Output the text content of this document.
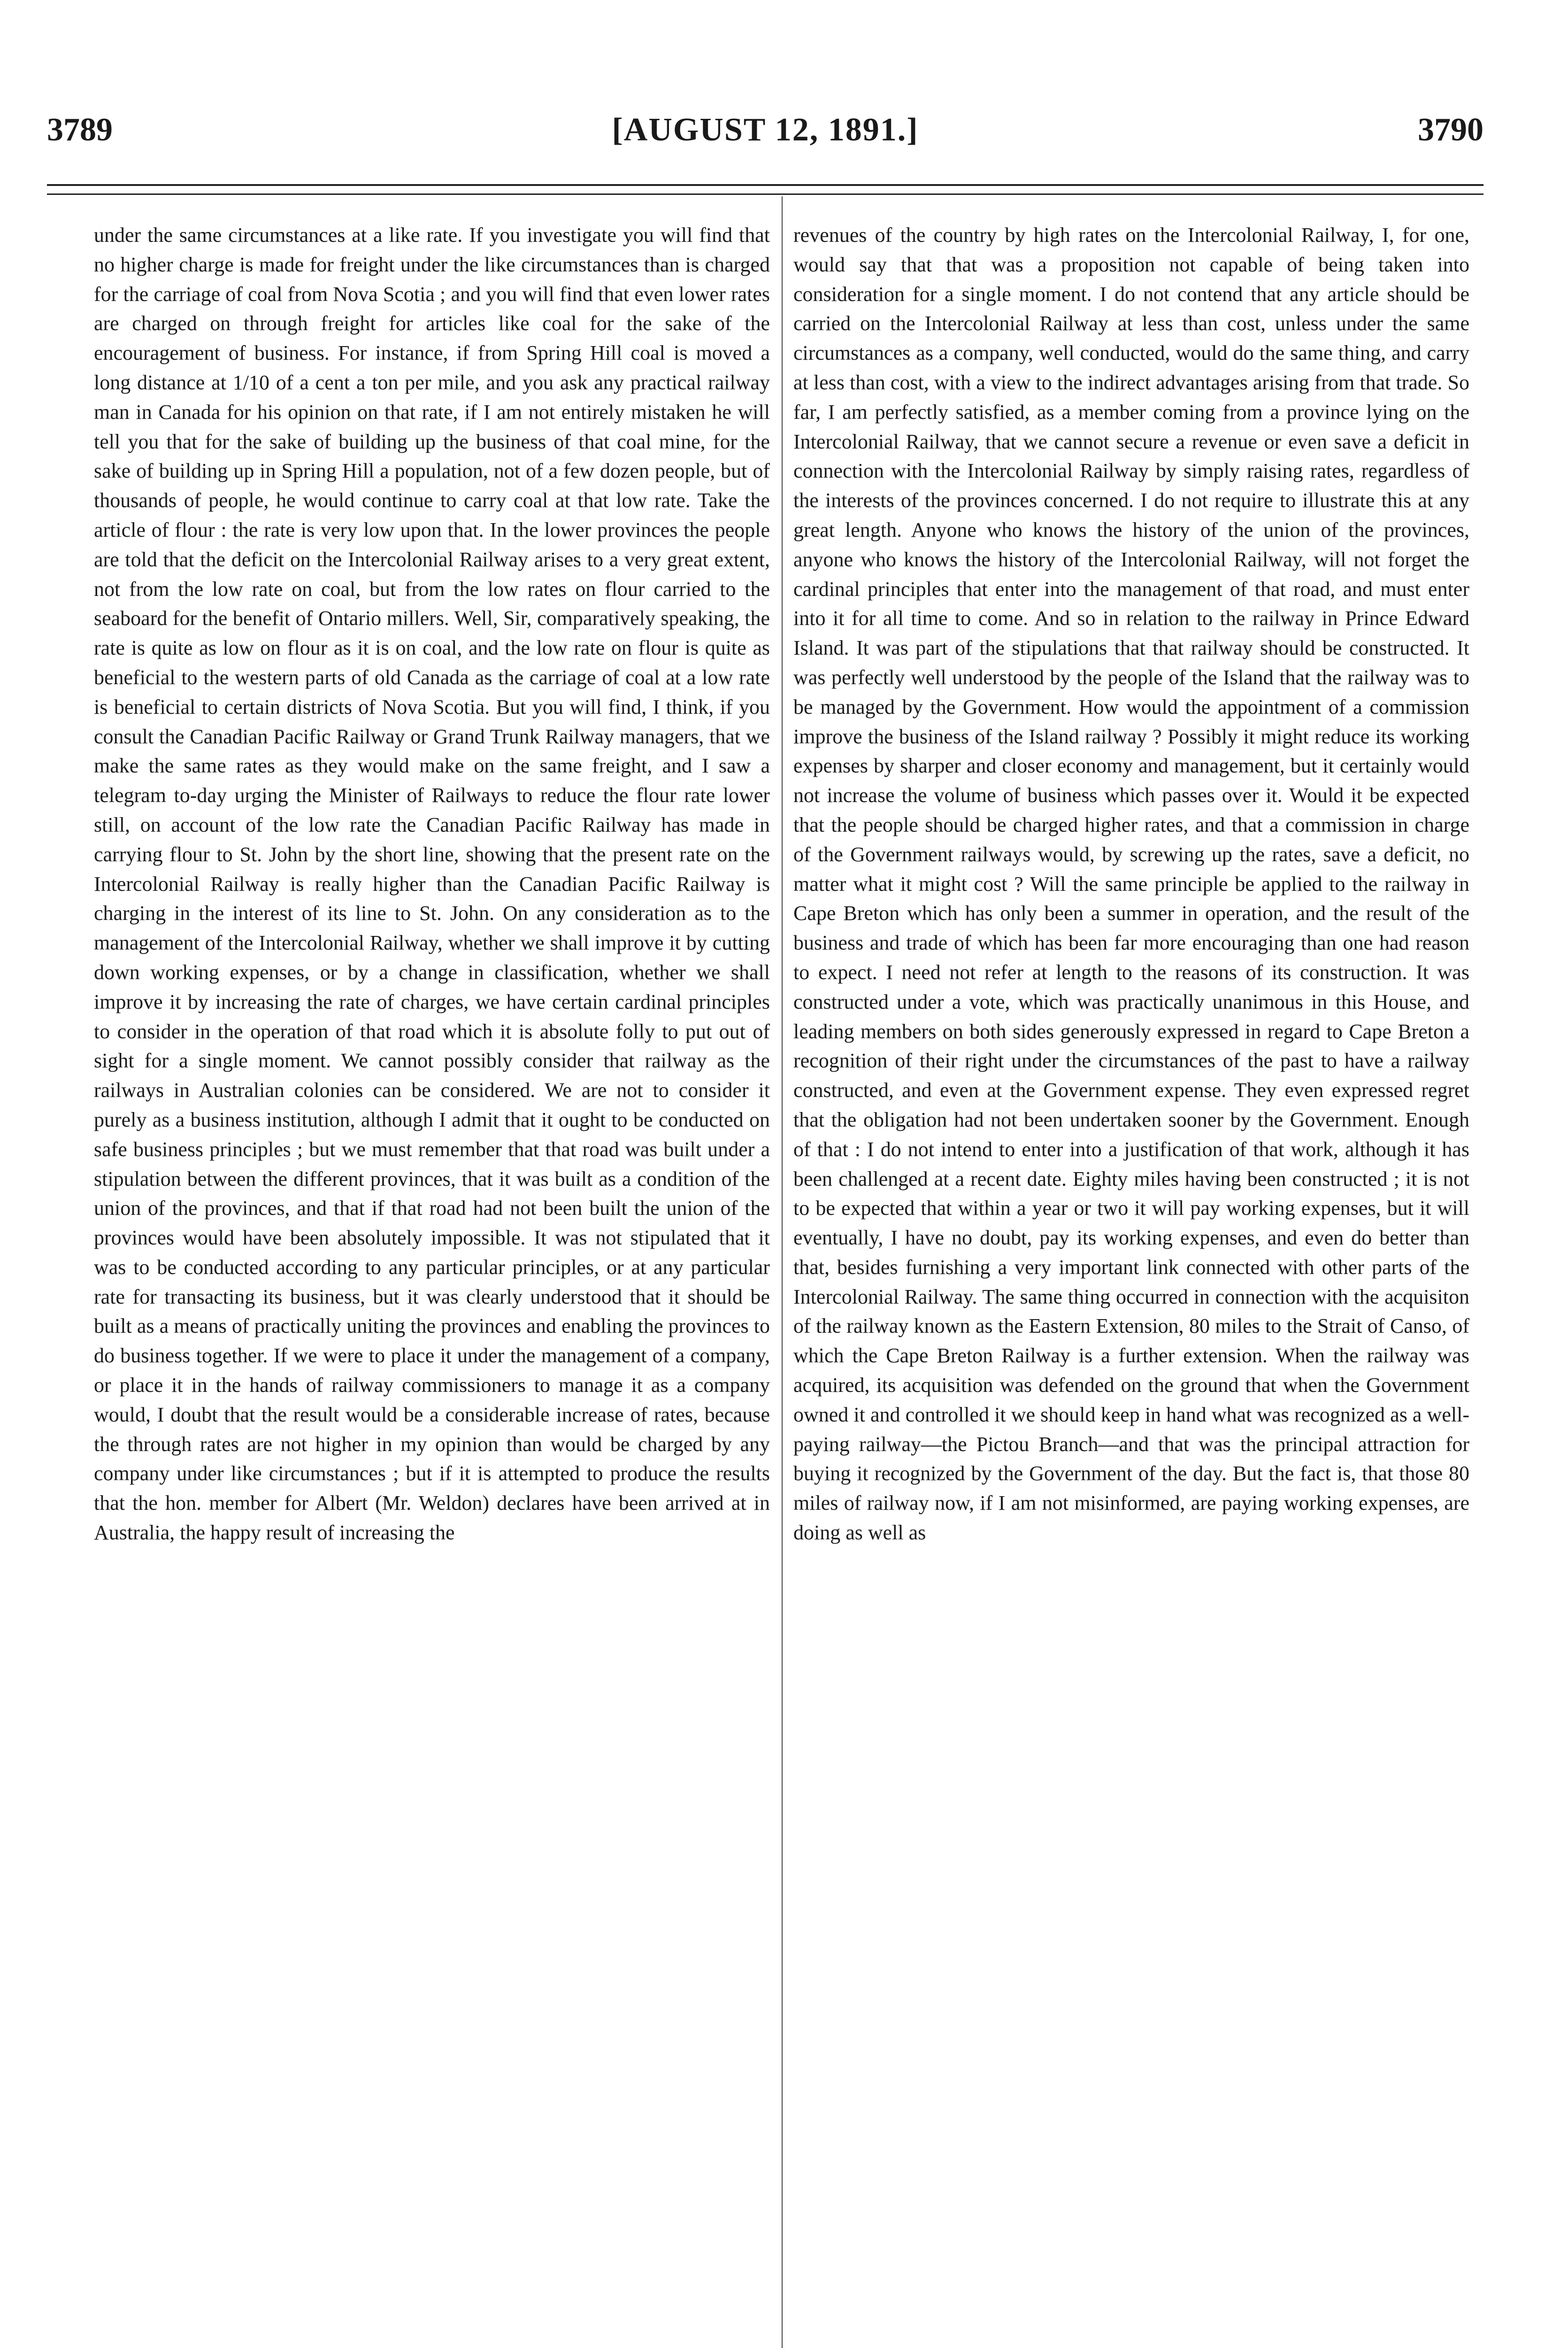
3789	[AUGUST 12, 1891.]	3790

under the same circumstances at a like rate. If you investigate you will find that no higher charge is made for freight under the like circumstances than is charged for the carriage of coal from Nova Scotia ; and you will find that even lower rates are charged on through freight for articles like coal for the sake of the encouragement of business. For instance, if from Spring Hill coal is moved a long distance at 1/10 of a cent a ton per mile, and you ask any practical railway man in Canada for his opinion on that rate, if I am not entirely mistaken he will tell you that for the sake of building up the business of that coal mine, for the sake of building up in Spring Hill a population, not of a few dozen people, but of thousands of people, he would continue to carry coal at that low rate. Take the article of flour : the rate is very low upon that. In the lower provinces the people are told that the deficit on the Intercolonial Railway arises to a very great extent, not from the low rate on coal, but from the low rates on flour carried to the seaboard for the benefit of Ontario millers. Well, Sir, comparatively speaking, the rate is quite as low on flour as it is on coal, and the low rate on flour is quite as beneficial to the western parts of old Canada as the carriage of coal at a low rate is beneficial to certain districts of Nova Scotia. But you will find, I think, if you consult the Canadian Pacific Railway or Grand Trunk Railway managers, that we make the same rates as they would make on the same freight, and I saw a telegram to-day urging the Minister of Railways to reduce the flour rate lower still, on account of the low rate the Canadian Pacific Railway has made in carrying flour to St. John by the short line, showing that the present rate on the Intercolonial Railway is really higher than the Canadian Pacific Railway is charging in the interest of its line to St. John. On any consideration as to the management of the Intercolonial Railway, whether we shall improve it by cutting down working expenses, or by a change in classification, whether we shall improve it by increasing the rate of charges, we have certain cardinal principles to consider in the operation of that road which it is absolute folly to put out of sight for a single moment. We cannot possibly consider that railway as the railways in Australian colonies can be considered. We are not to consider it purely as a business institution, although I admit that it ought to be conducted on safe business principles ; but we must remember that that road was built under a stipulation between the different provinces, that it was built as a condition of the union of the provinces, and that if that road had not been built the union of the provinces would have been absolutely impossible. It was not stipulated that it was to be conducted according to any particular principles, or at any particular rate for transacting its business, but it was clearly understood that it should be built as a means of practically uniting the provinces and enabling the provinces to do business together. If we were to place it under the management of a company, or place it in the hands of railway commissioners to manage it as a company would, I doubt that the result would be a considerable increase of rates, because the through rates are not higher in my opinion than would be charged by any company under like circumstances ; but if it is attempted to produce the results that the hon. member for Albert (Mr. Weldon) declares have been arrived at in Australia, the happy result of increasing the

revenues of the country by high rates on the Intercolonial Railway, I, for one, would say that that was a proposition not capable of being taken into consideration for a single moment. I do not contend that any article should be carried on the Intercolonial Railway at less than cost, unless under the same circumstances as a company, well conducted, would do the same thing, and carry at less than cost, with a view to the indirect advantages arising from that trade. So far, I am perfectly satisfied, as a member coming from a province lying on the Intercolonial Railway, that we cannot secure a revenue or even save a deficit in connection with the Intercolonial Railway by simply raising rates, regardless of the interests of the provinces concerned. I do not require to illustrate this at any great length. Anyone who knows the history of the union of the provinces, anyone who knows the history of the Intercolonial Railway, will not forget the cardinal principles that enter into the management of that road, and must enter into it for all time to come. And so in relation to the railway in Prince Edward Island. It was part of the stipulations that that railway should be constructed. It was perfectly well understood by the people of the Island that the railway was to be managed by the Government. How would the appointment of a commission improve the business of the Island railway ? Possibly it might reduce its working expenses by sharper and closer economy and management, but it certainly would not increase the volume of business which passes over it. Would it be expected that the people should be charged higher rates, and that a commission in charge of the Government railways would, by screwing up the rates, save a deficit, no matter what it might cost ? Will the same principle be applied to the railway in Cape Breton which has only been a summer in operation, and the result of the business and trade of which has been far more encouraging than one had reason to expect. I need not refer at length to the reasons of its construction. It was constructed under a vote, which was practically unanimous in this House, and leading members on both sides generously expressed in regard to Cape Breton a recognition of their right under the circumstances of the past to have a railway constructed, and even at the Government expense. They even expressed regret that the obligation had not been undertaken sooner by the Government. Enough of that : I do not intend to enter into a justification of that work, although it has been challenged at a recent date. Eighty miles having been constructed ; it is not to be expected that within a year or two it will pay working expenses, but it will eventually, I have no doubt, pay its working expenses, and even do better than that, besides furnishing a very important link connected with other parts of the Intercolonial Railway. The same thing occurred in connection with the acquisiton of the railway known as the Eastern Extension, 80 miles to the Strait of Canso, of which the Cape Breton Railway is a further extension. When the railway was acquired, its acquisition was defended on the ground that when the Government owned it and controlled it we should keep in hand what was recognized as a well-paying railway—the Pictou Branch—and that was the principal attraction for buying it recognized by the Government of the day. But the fact is, that those 80 miles of railway now, if I am not misinformed, are paying working expenses, are doing as well as
